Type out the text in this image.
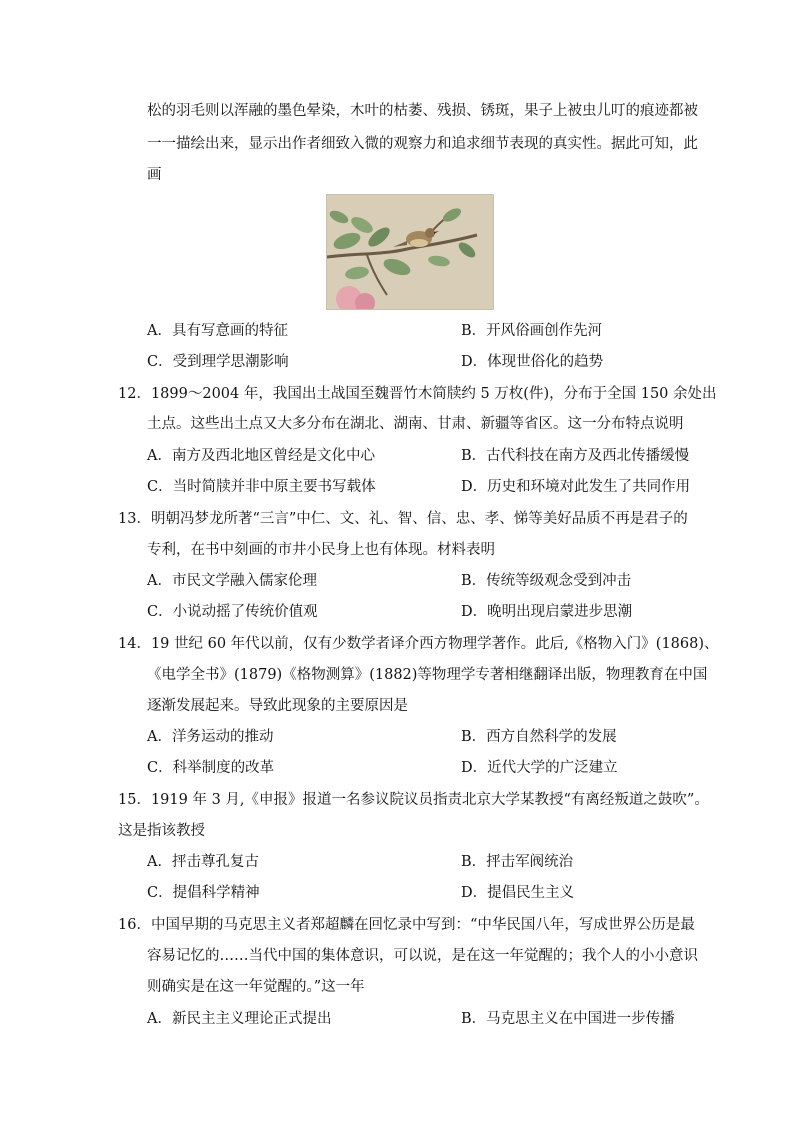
松的羽毛则以浑融的墨色晕染，木叶的枯萎、残损、锈斑，果子上被虫儿叮的痕迹都被
一一描绘出来，显示出作者细致入微的观察力和追求细节表现的真实性。据此可知，此
画
A．具有写意画的特征	B．开风俗画创作先河
C．受到理学思潮影响	D．体现世俗化的趋势
12．1899～2004 年，我国出土战国至魏晋竹木简牍约 5 万枚(件)，分布于全国 150 余处出
土点。这些出土点又大多分布在湖北、湖南、甘肃、新疆等省区。这一分布特点说明
A．南方及西北地区曾经是文化中心	B．古代科技在南方及西北传播缓慢
C．当时简牍并非中原主要书写载体	D．历史和环境对此发生了共同作用
13．明朝冯梦龙所著“三言”中仁、文、礼、智、信、忠、孝、悌等美好品质不再是君子的
专利，在书中刻画的市井小民身上也有体现。材料表明
A．市民文学融入儒家伦理	B．传统等级观念受到冲击
C．小说动摇了传统价值观	D．晚明出现启蒙进步思潮
14．19 世纪 60 年代以前，仅有少数学者译介西方物理学著作。此后,《格物入门》(1868)、
《电学全书》(1879)《格物测算》(1882)等物理学专著相继翻译出版，物理教育在中国
逐渐发展起来。导致此现象的主要原因是
A．洋务运动的推动	B．西方自然科学的发展
C．科举制度的改革	D．近代大学的广泛建立
15．1919 年 3 月,《申报》报道一名参议院议员指责北京大学某教授“有离经叛道之鼓吹”。
这是指该教授
A．抨击尊孔复古	B．抨击军阀统治
C．提倡科学精神	D．提倡民生主义
16．中国早期的马克思主义者郑超麟在回忆录中写到：“中华民国八年，写成世界公历是最
容易记忆的……当代中国的集体意识，可以说，是在这一年觉醒的；我个人的小小意识
则确实是在这一年觉醒的。”这一年
A．新民主主义理论正式提出	B．马克思主义在中国进一步传播
